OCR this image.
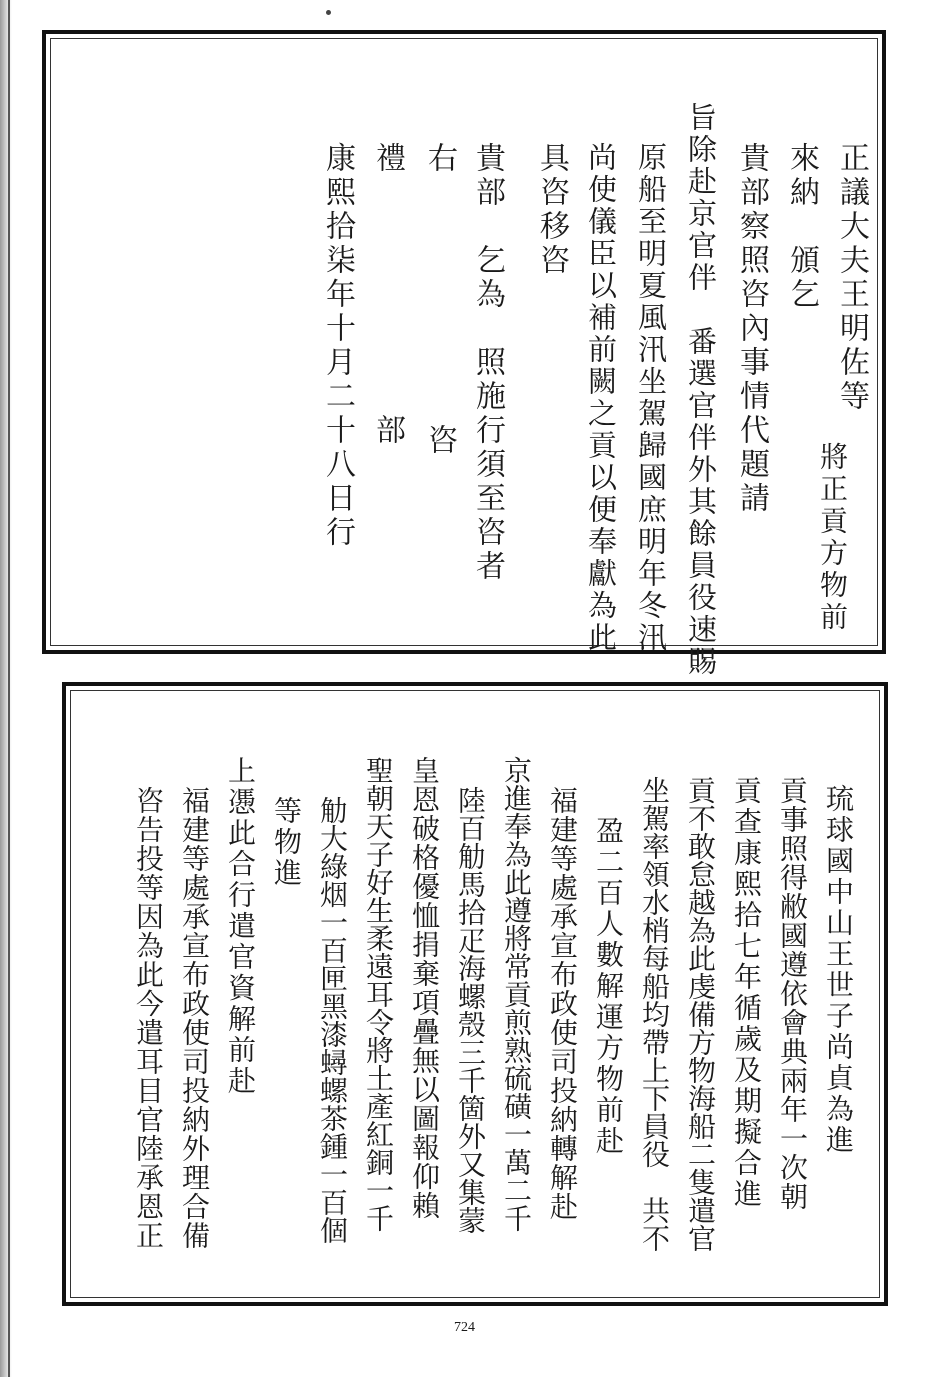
正議大夫王明佐等
來納　頒乞
貴部察照咨內事情代題請
旨除赴京官伴　番選官伴外其餘員役速賜
原船至明夏風汛坐駕歸國庶明年冬汛
尚使儀臣以補前闕之貢以便奉獻為此
具咨移咨
貴部　乞為　照施行須至咨者
右
禮
康熙拾柒年十月二十八日行	將正貢方物前
咨
部
琉球國中山王世子尚貞為進
貢事照得敝國遵依會典兩年一次朝
貢查康熙拾七年循歲及期擬合進
貢不敢怠越為此虔備方物海船二隻遣官
坐駕率領水梢每船均帶上下員役　共不
盈二百人數解運方物前赴
福建等處承宣布政使司投納轉解赴
京進奉為此遵將常貢煎熟硫磺一萬二千
陸百觔馬拾疋海螺殼三千箇外又集蒙
皇恩破格優恤捐棄項疊無以圖報仰賴
聖朝天子好生柔遠耳令將土產紅銅一千
觔大綠烟一百匣黑漆蟳螺茶鍾一百個
等物進
上慿此合行遣官資解前赴
福建等處承宣布政使司投納外理合備
咨告投等因為此今遣耳目官陸承恩正
724
